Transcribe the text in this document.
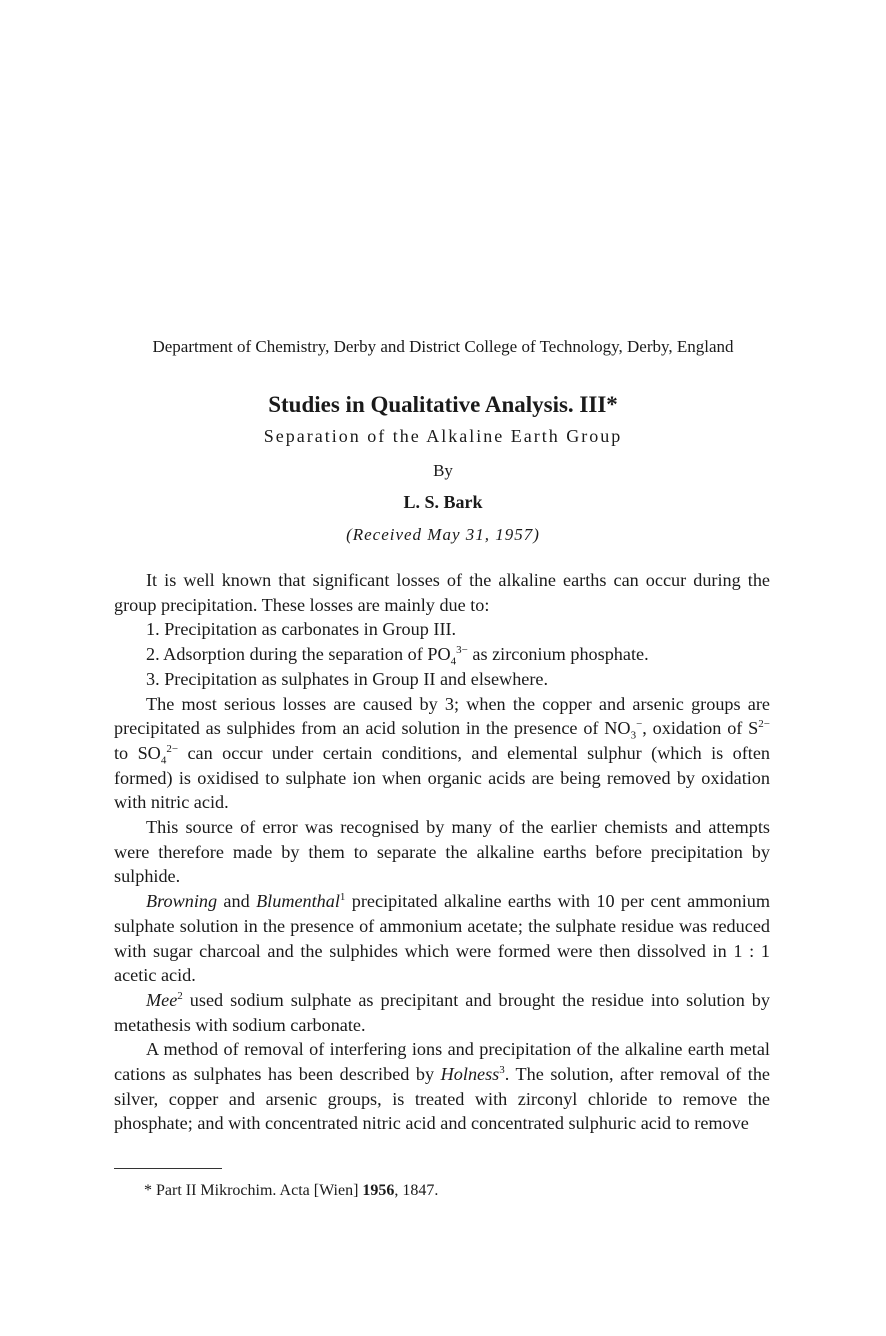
Department of Chemistry, Derby and District College of Technology, Derby, England
Studies in Qualitative Analysis. III*
Separation of the Alkaline Earth Group
By
L. S. Bark
(Received May 31, 1957)

It is well known that significant losses of the alkaline earths can occur during the group precipitation. These losses are mainly due to:

1. Precipitation as carbonates in Group III.

2. Adsorption during the separation of $PO_4^{3-}$ as zirconium phosphate.

3. Precipitation as sulphates in Group II and elsewhere.

The most serious losses are caused by 3; when the copper and arsenic groups are precipitated as sulphides from an acid solution in the presence of $NO_3^-$, oxidation of $S^{2-}$ to $SO_4^{2-}$ can occur under certain conditions, and elemental sulphur (which is often formed) is oxidised to sulphate ion when organic acids are being removed by oxidation with nitric acid.

This source of error was recognised by many of the earlier chemists and attempts were therefore made by them to separate the alkaline earths before precipitation by sulphide.

Browning and Blumenthal$^1$ precipitated alkaline earths with 10 per cent ammonium sulphate solution in the presence of ammonium acetate; the sulphate residue was reduced with sugar charcoal and the sulphides which were formed were then dissolved in 1 : 1 acetic acid.

Mee$^2$ used sodium sulphate as precipitant and brought the residue into solution by metathesis with sodium carbonate.

A method of removal of interfering ions and precipitation of the alkaline earth metal cations as sulphates has been described by Holness$^3$. The solution, after removal of the silver, copper and arsenic groups, is treated with zirconyl chloride to remove the phosphate; and with concentrated nitric acid and concentrated sulphuric acid to remove

* Part II Mikrochim. Acta [Wien] 1956, 1847.
